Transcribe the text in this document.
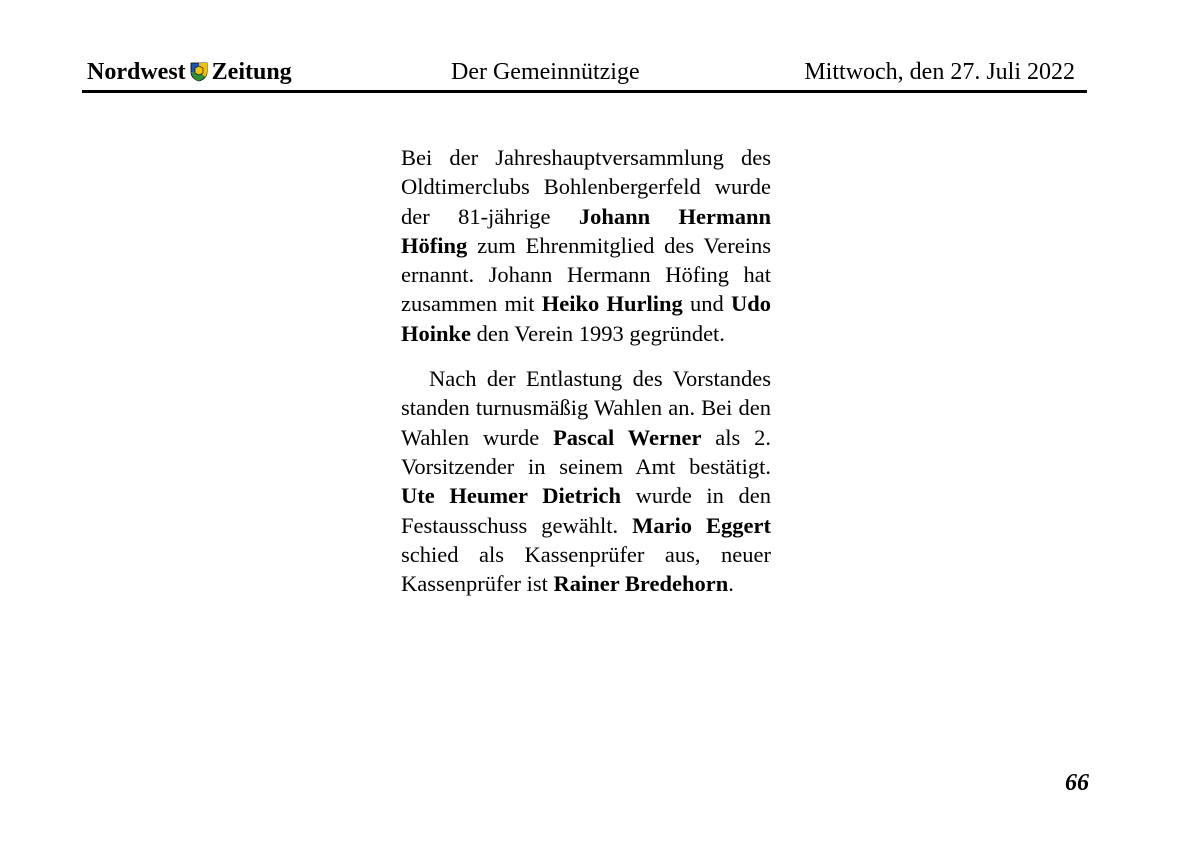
Nordwest Zeitung	Der Gemeinnützige	Mittwoch, den 27. Juli 2022

Bei der Jahreshauptversammlung des Oldtimerclubs Bohlenbergerfeld wurde der 81-jährige Johann Hermann Höfing zum Ehrenmitglied des Vereins ernannt. Johann Hermann Höfing hat zusammen mit Heiko Hurling und Udo Hoinke den Verein 1993 gegründet.

Nach der Entlastung des Vorstandes standen turnusmäßig Wahlen an. Bei den Wahlen wurde Pascal Werner als 2. Vorsitzender in seinem Amt bestätigt. Ute Heumer Dietrich wurde in den Festausschuss gewählt. Mario Eggert schied als Kassenprüfer aus, neuer Kassenprüfer ist Rainer Bredehorn.

66
